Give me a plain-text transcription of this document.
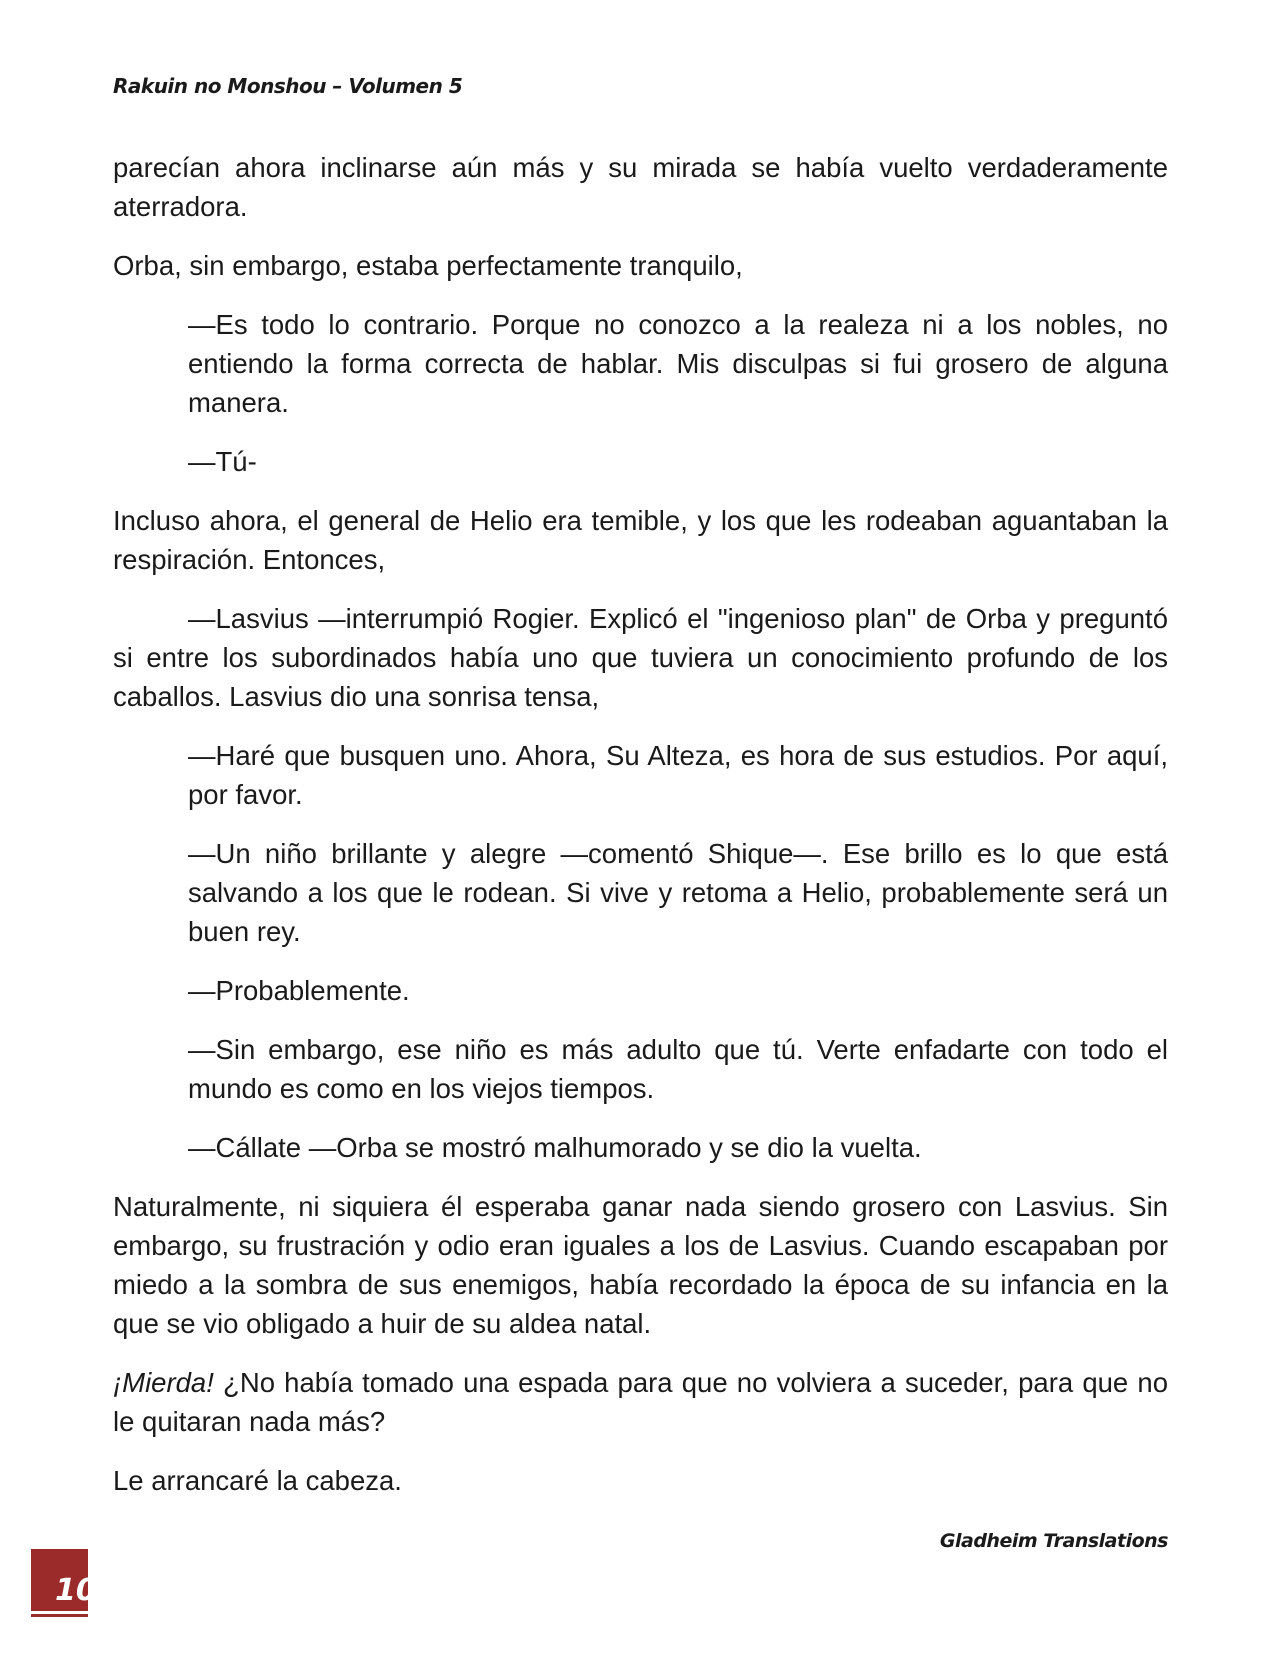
Rakuin no Monshou – Volumen 5

parecían ahora inclinarse aún más y su mirada se había vuelto verdaderamente aterradora.

Orba, sin embargo, estaba perfectamente tranquilo,

—Es todo lo contrario. Porque no conozco a la realeza ni a los nobles, no entiendo la forma correcta de hablar. Mis disculpas si fui grosero de alguna manera.

—Tú-

Incluso ahora, el general de Helio era temible, y los que les rodeaban aguantaban la respiración. Entonces,

—Lasvius —interrumpió Rogier. Explicó el "ingenioso plan" de Orba y preguntó si entre los subordinados había uno que tuviera un conocimiento profundo de los caballos. Lasvius dio una sonrisa tensa,

—Haré que busquen uno. Ahora, Su Alteza, es hora de sus estudios. Por aquí, por favor.

—Un niño brillante y alegre —comentó Shique—. Ese brillo es lo que está salvando a los que le rodean. Si vive y retoma a Helio, probablemente será un buen rey.

—Probablemente.

—Sin embargo, ese niño es más adulto que tú. Verte enfadarte con todo el mundo es como en los viejos tiempos.

—Cállate —Orba se mostró malhumorado y se dio la vuelta.

Naturalmente, ni siquiera él esperaba ganar nada siendo grosero con Lasvius. Sin embargo, su frustración y odio eran iguales a los de Lasvius. Cuando escapaban por miedo a la sombra de sus enemigos, había recordado la época de su infancia en la que se vio obligado a huir de su aldea natal.

¡Mierda! ¿No había tomado una espada para que no volviera a suceder, para que no le quitaran nada más?

Le arrancaré la cabeza.

Gladheim Translations
10
